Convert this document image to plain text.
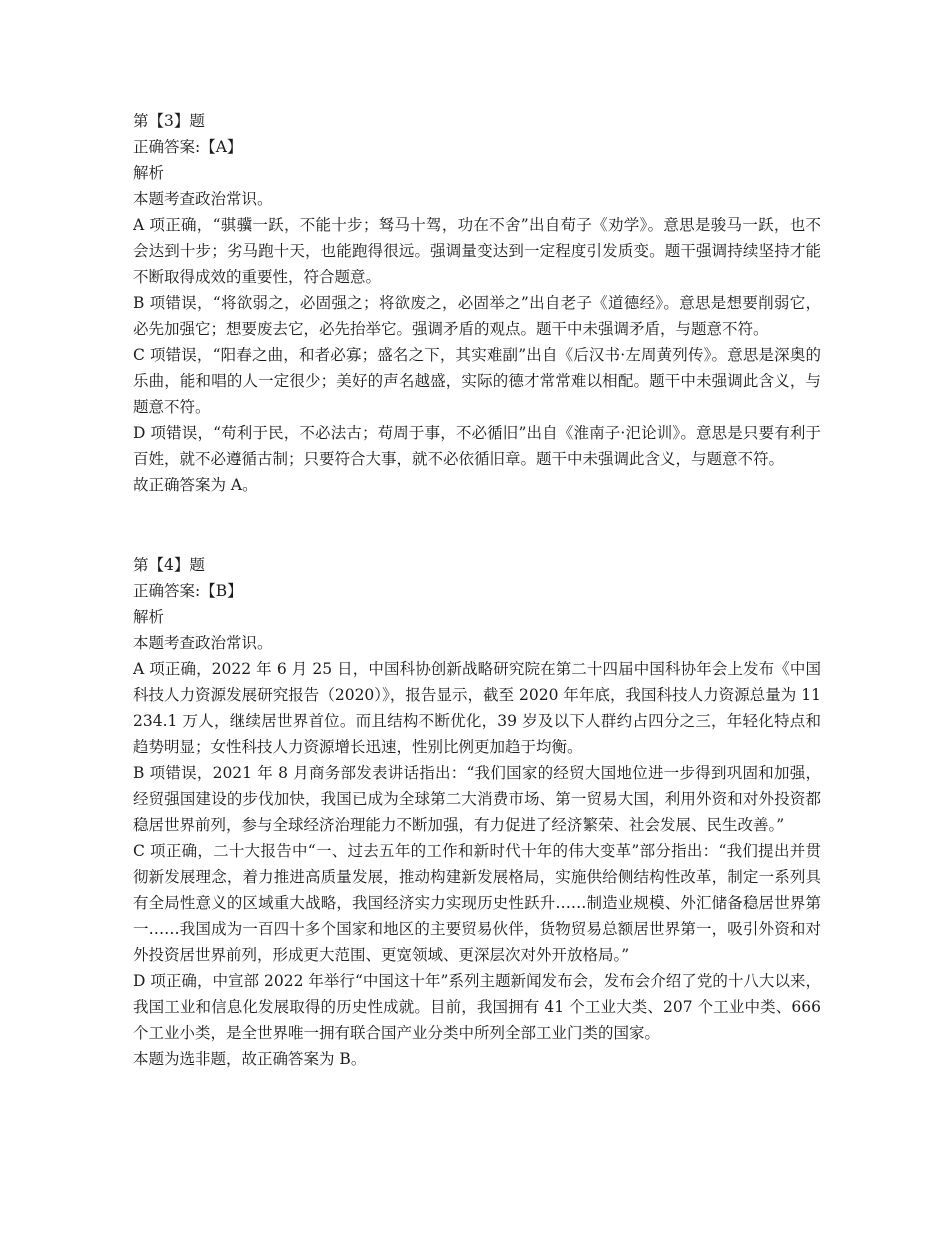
第【3】题

正确答案:【A】

解析

本题考查政治常识。

A 项正确，“骐骥一跃，不能十步；驽马十驾，功在不舍”出自荀子《劝学》。意思是骏马一跃，也不会达到十步；劣马跑十天，也能跑得很远。强调量变达到一定程度引发质变。题干强调持续坚持才能不断取得成效的重要性，符合题意。

B 项错误，“将欲弱之，必固强之；将欲废之，必固举之”出自老子《道德经》。意思是想要削弱它，必先加强它；想要废去它，必先抬举它。强调矛盾的观点。题干中未强调矛盾，与题意不符。

C 项错误，“阳春之曲，和者必寡；盛名之下，其实难副”出自《后汉书·左周黄列传》。意思是深奥的乐曲，能和唱的人一定很少；美好的声名越盛，实际的德才常常难以相配。题干中未强调此含义，与题意不符。

D 项错误，“苟利于民，不必法古；苟周于事，不必循旧”出自《淮南子·汜论训》。意思是只要有利于百姓，就不必遵循古制；只要符合大事，就不必依循旧章。题干中未强调此含义，与题意不符。

故正确答案为 A。

第【4】题

正确答案:【B】

解析

本题考查政治常识。

A 项正确，2022 年 6 月 25 日，中国科协创新战略研究院在第二十四届中国科协年会上发布《中国科技人力资源发展研究报告（2020）》，报告显示，截至 2020 年年底，我国科技人力资源总量为 11234.1 万人，继续居世界首位。而且结构不断优化，39 岁及以下人群约占四分之三，年轻化特点和趋势明显；女性科技人力资源增长迅速，性别比例更加趋于均衡。

B 项错误，2021 年 8 月商务部发表讲话指出：“我们国家的经贸大国地位进一步得到巩固和加强，经贸强国建设的步伐加快，我国已成为全球第二大消费市场、第一贸易大国，利用外资和对外投资都稳居世界前列，参与全球经济治理能力不断加强，有力促进了经济繁荣、社会发展、民生改善。”

C 项正确，二十大报告中“一、过去五年的工作和新时代十年的伟大变革”部分指出：“我们提出并贯彻新发展理念，着力推进高质量发展，推动构建新发展格局，实施供给侧结构性改革，制定一系列具有全局性意义的区域重大战略，我国经济实力实现历史性跃升……制造业规模、外汇储备稳居世界第一……我国成为一百四十多个国家和地区的主要贸易伙伴，货物贸易总额居世界第一，吸引外资和对外投资居世界前列，形成更大范围、更宽领域、更深层次对外开放格局。”

D 项正确，中宣部 2022 年举行“中国这十年”系列主题新闻发布会，发布会介绍了党的十八大以来，我国工业和信息化发展取得的历史性成就。目前，我国拥有 41 个工业大类、207 个工业中类、666 个工业小类，是全世界唯一拥有联合国产业分类中所列全部工业门类的国家。

本题为选非题，故正确答案为 B。
